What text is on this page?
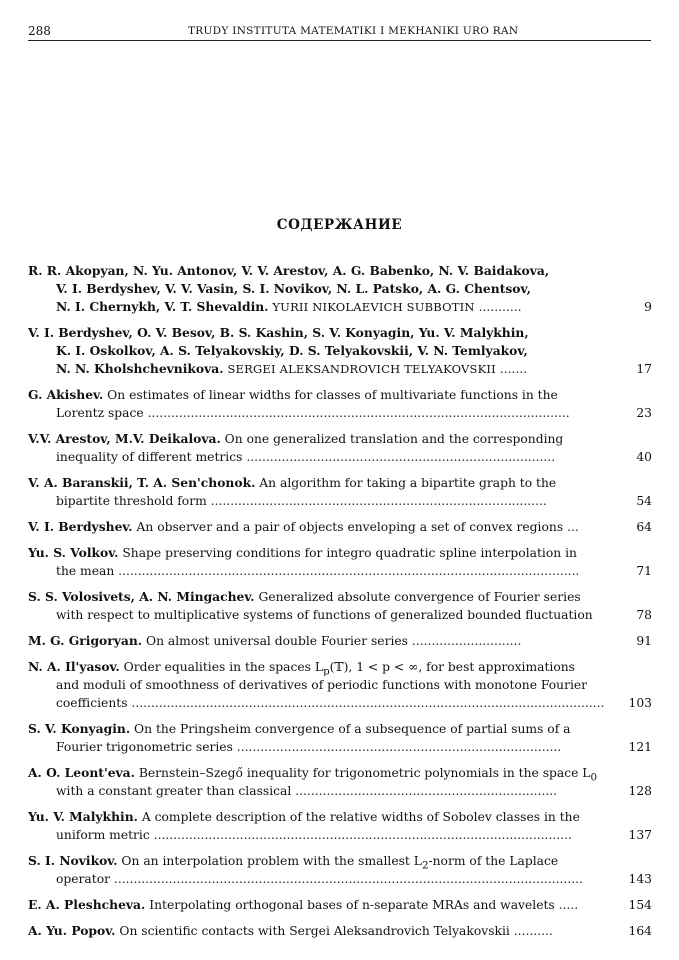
288	TRUDY INSTITUTA MATEMATIKI I MEKHANIKI URO RAN
СОДЕРЖАНИЕ
R. R. Akopyan, N. Yu. Antonov, V. V. Arestov, A. G. Babenko, N. V. Baidakova,
V. I. Berdyshev, V. V. Vasin, S. I. Novikov, N. L. Patsko, A. G. Chentsov,
N. I. Chernykh, V. T. Shevaldin. YURII NIKOLAEVICH SUBBOTIN ...........	9
V. I. Berdyshev, O. V. Besov, B. S. Kashin, S. V. Konyagin, Yu. V. Malykhin,
K. I. Oskolkov, A. S. Telyakovskiy, D. S. Telyakovskii, V. N. Temlyakov,
N. N. Kholshchevnikova. SERGEI ALEKSANDROVICH TELYAKOVSKII .......	17
G. Akishev. On estimates of linear widths for classes of multivariate functions in the
Lorentz space ............................................................................................................	23
V.V. Arestov, M.V. Deikalova. On one generalized translation and the corresponding
inequality of different metrics ...............................................................................	40
V. A. Baranskii, T. A. Sen'chonok. An algorithm for taking a bipartite graph to the
bipartite threshold form ......................................................................................	54
V. I. Berdyshev. An observer and a pair of objects enveloping a set of convex regions ...	64
Yu. S. Volkov. Shape preserving conditions for integro quadratic spline interpolation in
the mean ......................................................................................................................	71
S. S. Volosivets, A. N. Mingachev. Generalized absolute convergence of Fourier series
with respect to multiplicative systems of functions of generalized bounded fluctuation	78
M. G. Grigoryan. On almost universal double Fourier series ............................	91
N. A. Il'yasov. Order equalities in the spaces $L_p(𝕋)$, 1 < p < ∞, for best approximations
and moduli of smoothness of derivatives of periodic functions with monotone Fourier
coefficients .........................................................................................................................	103
S. V. Konyagin. On the Pringsheim convergence of a subsequence of partial sums of a
Fourier trigonometric series ...................................................................................	121
A. O. Leont'eva. Bernstein–Szegő inequality for trigonometric polynomials in the space $L_0$
with a constant greater than classical ...................................................................	128
Yu. V. Malykhin. A complete description of the relative widths of Sobolev classes in the
uniform metric ...........................................................................................................	137
S. I. Novikov. On an interpolation problem with the smallest $L_2$-norm of the Laplace
operator ........................................................................................................................	143
E. A. Pleshcheva. Interpolating orthogonal bases of n-separate MRAs and wavelets .....	154
A. Yu. Popov. On scientific contacts with Sergei Aleksandrovich Telyakovskii ..........	164
